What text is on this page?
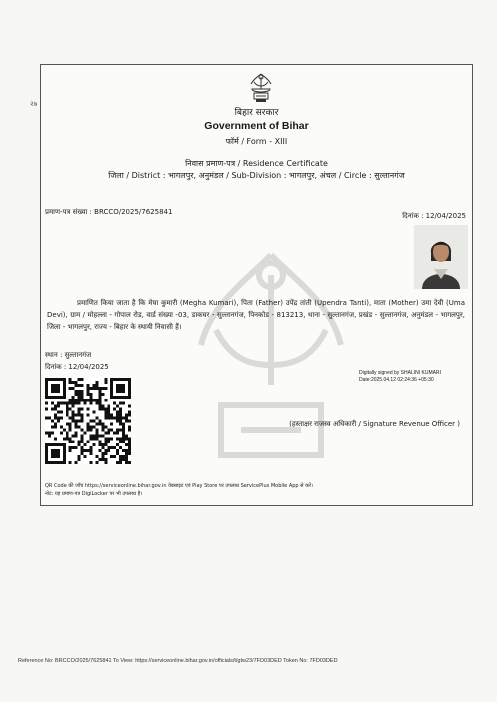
२७
बिहार सरकार
Government of Bihar
फॉर्म / Form - XIII
निवास प्रमाण-पत्र / Residence Certificate
जिला / District : भागलपुर, अनुमंडल / Sub-Division : भागलपुर, अंचल / Circle : सुल्तानगंज
प्रमाण-पत्र संख्या : BRCCO/2025/7625841	दिनांक : 12/04/2025
प्रमाणित किया जाता है कि मेघा कुमारी (Megha Kumari), पिता (Father) उपेंद्र तांती (Upendra Tanti), माता (Mother) उमा देवी (Uma Devi), ग्राम / मोहल्ला - गोपाल रोड, वार्ड संख्या -03, डाकघर - सुल्तानगंज, पिनकोड - 813213, थाना - सुल्तानगंज, प्रखंड - सुल्तानगंज, अनुमंडल - भागलपुर, जिला - भागलपुर, राज्य - बिहार के स्थायी निवासी हैं।
स्थान : सुल्तानगंज
दिनांक : 12/04/2025
Digitally signed by SHALINI KUMARI
Date:2025.04.12 02:24:36 +05:30
(हस्ताक्षर राजस्व अधिकारी / Signature Revenue Officer )
QR Code की जाँच https://serviceonline.bihar.gov.in वेबसाइट एवं Play Store पर उपलब्ध ServicePlus Mobile App से करें।
नोट: यह प्रमाण-पत्र DigiLocker पर भी उपलब्ध है।
Reference No: BRCCO/2025/7625841 To View: https://serviceonline.bihar.gov.in/officials/t/gtw23/7FD03DED Token No: 7FD03DED
